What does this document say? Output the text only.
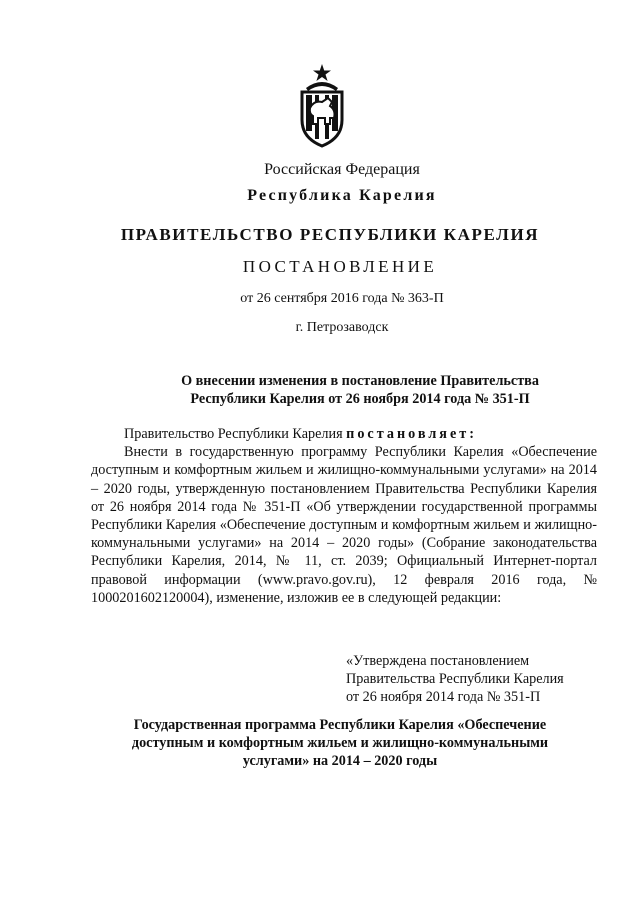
Российская Федерация
Республика Карелия
ПРАВИТЕЛЬСТВО РЕСПУБЛИКИ КАРЕЛИЯ
ПОСТАНОВЛЕНИЕ
от 26 сентября 2016 года № 363-П
г. Петрозаводск
О внесении изменения в постановление Правительства
Республики Карелия от 26 ноября 2014 года № 351-П

Правительство Республики Карелия постановляет:

Внести в государственную программу Республики Карелия «Обеспечение доступным и комфортным жильем и жилищно-коммунальными услугами» на 2014 – 2020 годы, утвержденную постановлением Правительства Республики Карелия от 26 ноября 2014 года № 351-П «Об утверждении государственной программы Республики Карелия «Обеспечение доступным и комфортным жильем и жилищно-коммунальными услугами» на 2014 – 2020 годы» (Собрание законодательства Республики Карелия, 2014, № 11, ст. 2039; Официальный Интернет-портал правовой информации (www.pravo.gov.ru), 12 февраля 2016 года, № 1000201602120004), изменение, изложив ее в следующей редакции:

«Утверждена постановлением
Правительства Республики Карелия
от 26 ноября 2014 года № 351-П
Государственная программа Республики Карелия «Обеспечение
доступным и комфортным жильем и жилищно-коммунальными
услугами» на 2014 – 2020 годы
